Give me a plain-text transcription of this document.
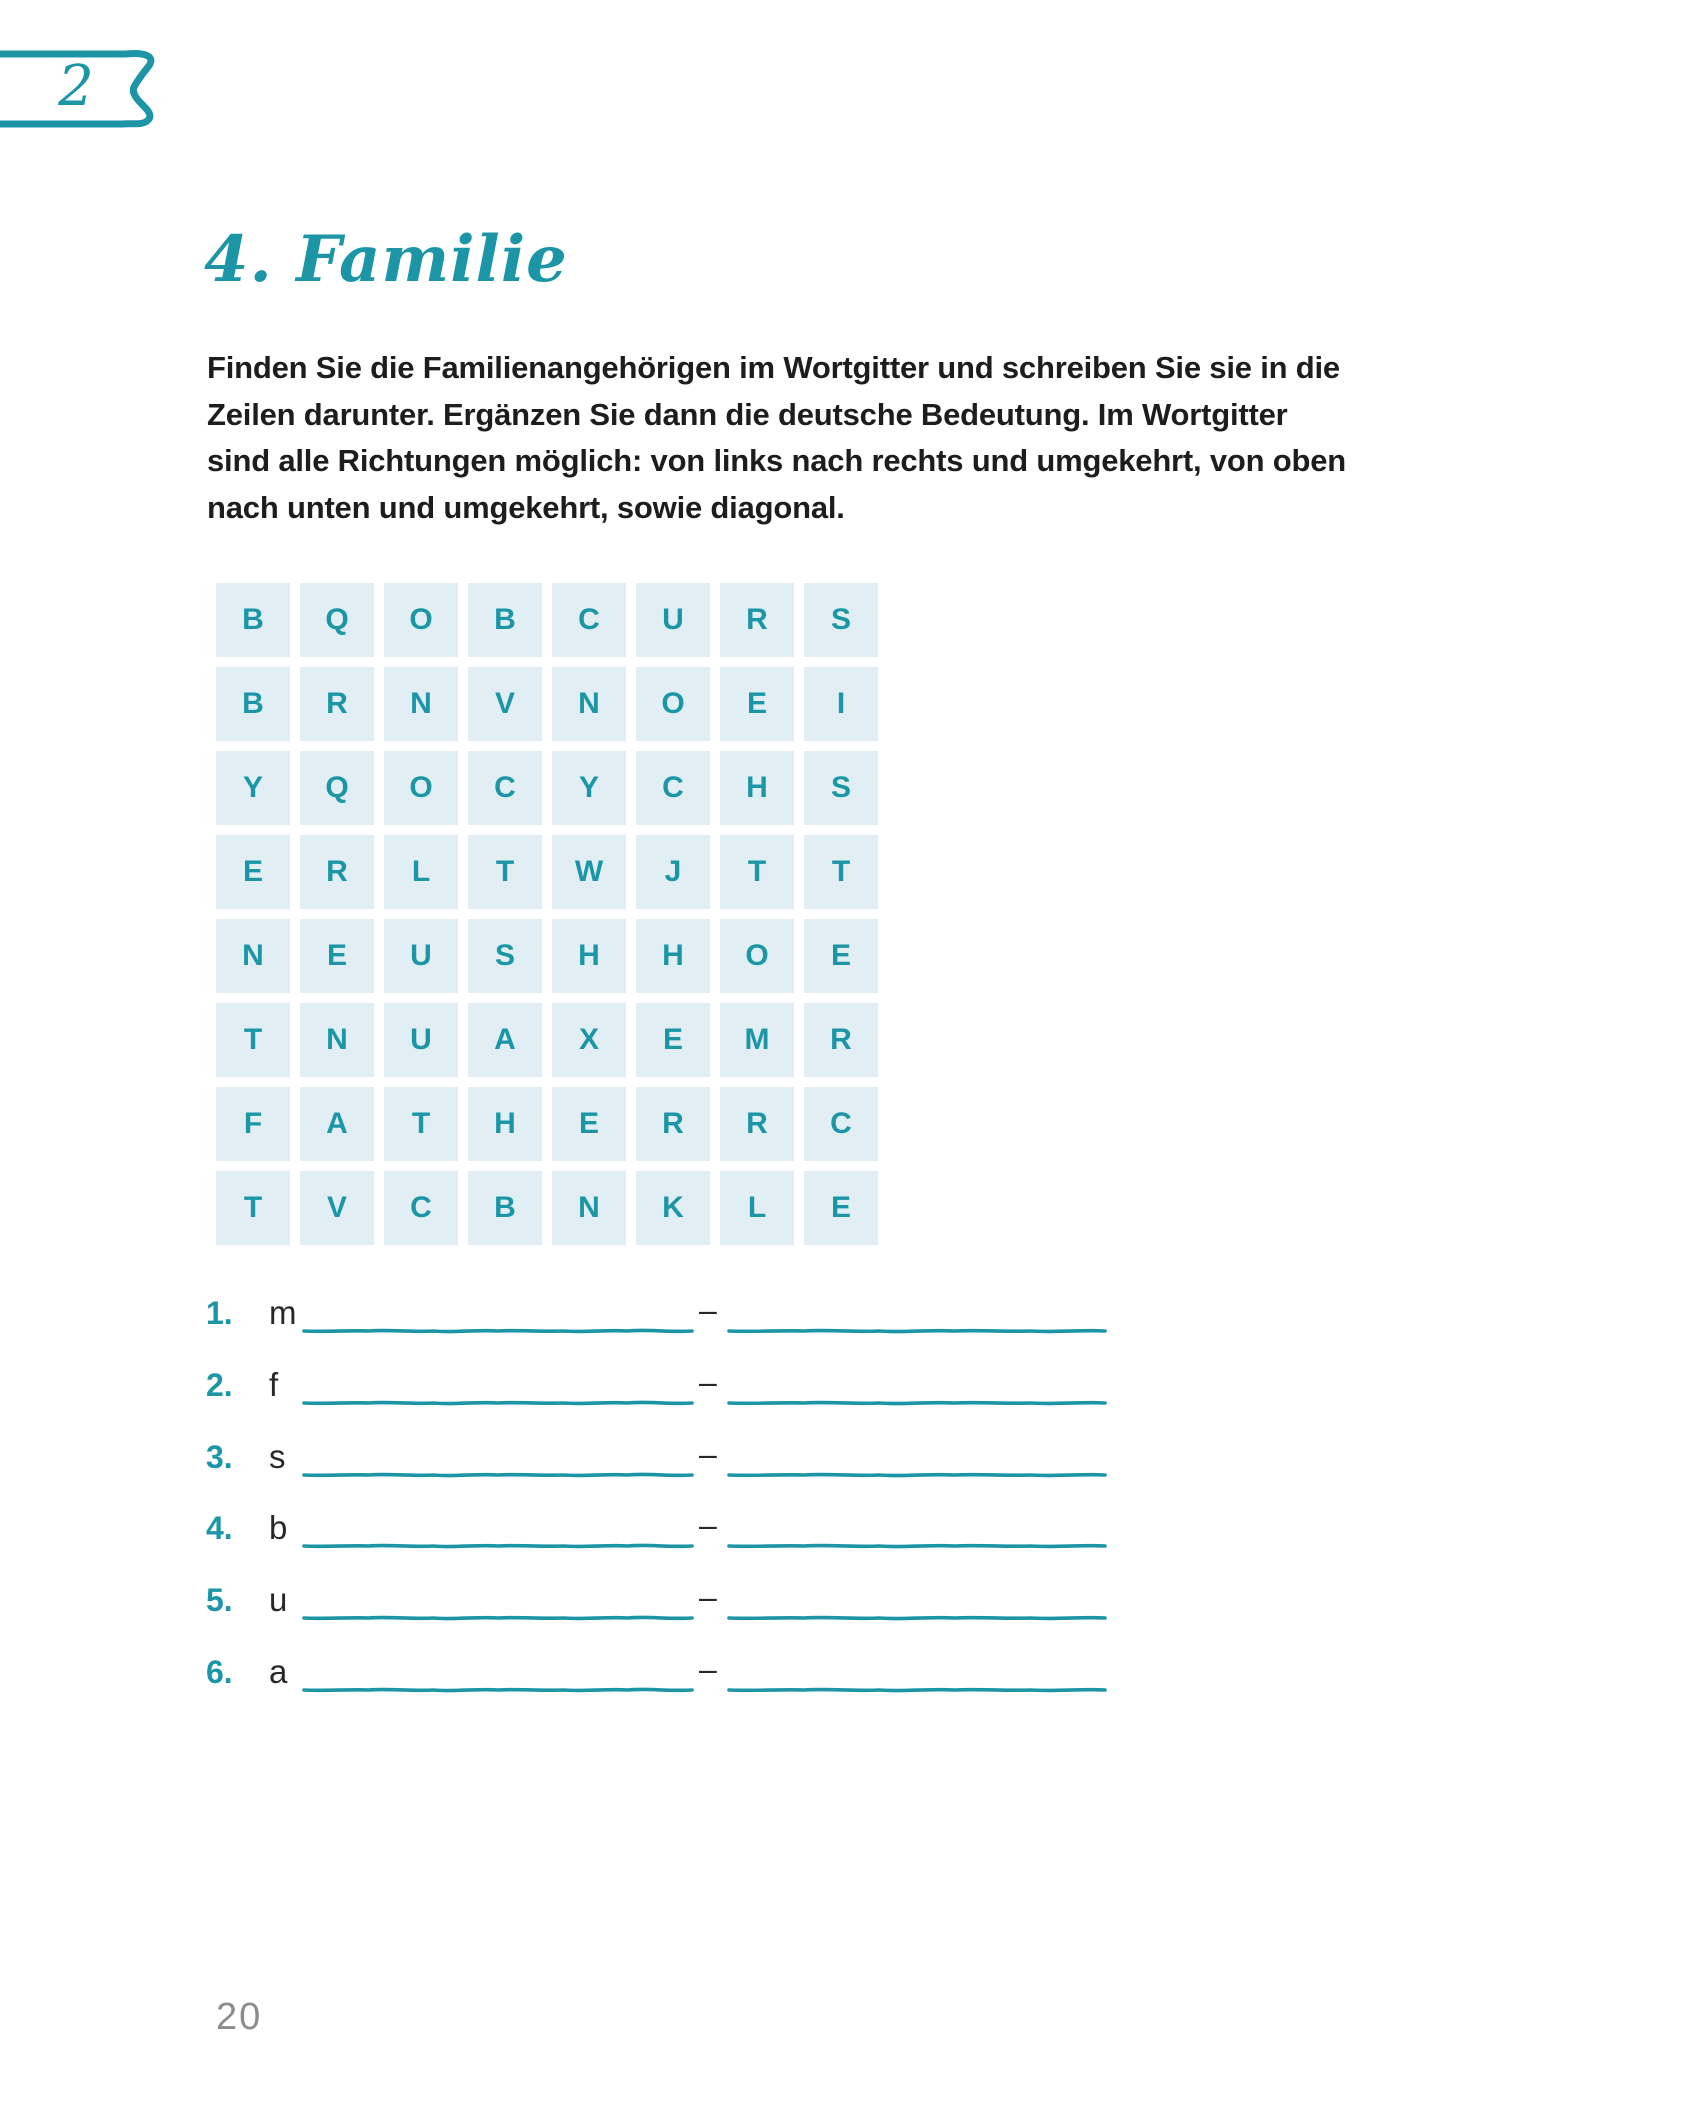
2
4. Familie
Finden Sie die Familienangehörigen im Wortgitter und schreiben Sie sie in die
Zeilen darunter. Ergänzen Sie dann die deutsche Bedeutung. Im Wortgitter
sind alle Richtungen möglich: von links nach rechts und umgekehrt, von oben
nach unten und umgekehrt, sowie diagonal.
B Q O B C U R S
B R N V N O E I
Y Q O C Y C H S
E R L T W J T T
N E U S H H O E
T N U A X E M R
F A T H E R R C
T V C B N K L E
1. m	–
2. f	–
3. s	–
4. b	–
5. u	–
6. a	–
20
